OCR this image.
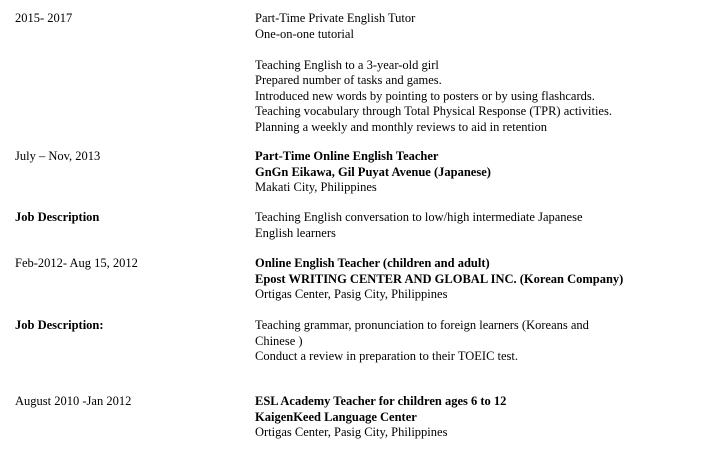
2015- 2017	Part-Time Private English Tutor
One-on-one tutorial
Teaching English to a 3-year-old girl
Prepared number of tasks and games.
Introduced new words by pointing to posters or by using flashcards.
Teaching vocabulary through Total Physical Response (TPR) activities.
Planning a weekly and monthly reviews to aid in retention
July – Nov, 2013	Part-Time Online English Teacher
GnGn Eikawa, Gil Puyat Avenue (Japanese)
Makati City, Philippines
Job Description	Teaching English conversation to low/high intermediate Japanese
English learners
Feb-2012- Aug 15, 2012	Online English Teacher (children and adult)
Epost WRITING CENTER AND GLOBAL INC. (Korean Company)
Ortigas Center, Pasig City, Philippines
Job Description:	Teaching grammar, pronunciation to foreign learners (Koreans and
Chinese )
Conduct a review in preparation to their TOEIC test.
August 2010 -Jan 2012	ESL Academy Teacher for children ages 6 to 12
KaigenKeed Language Center
Ortigas Center, Pasig City, Philippines
